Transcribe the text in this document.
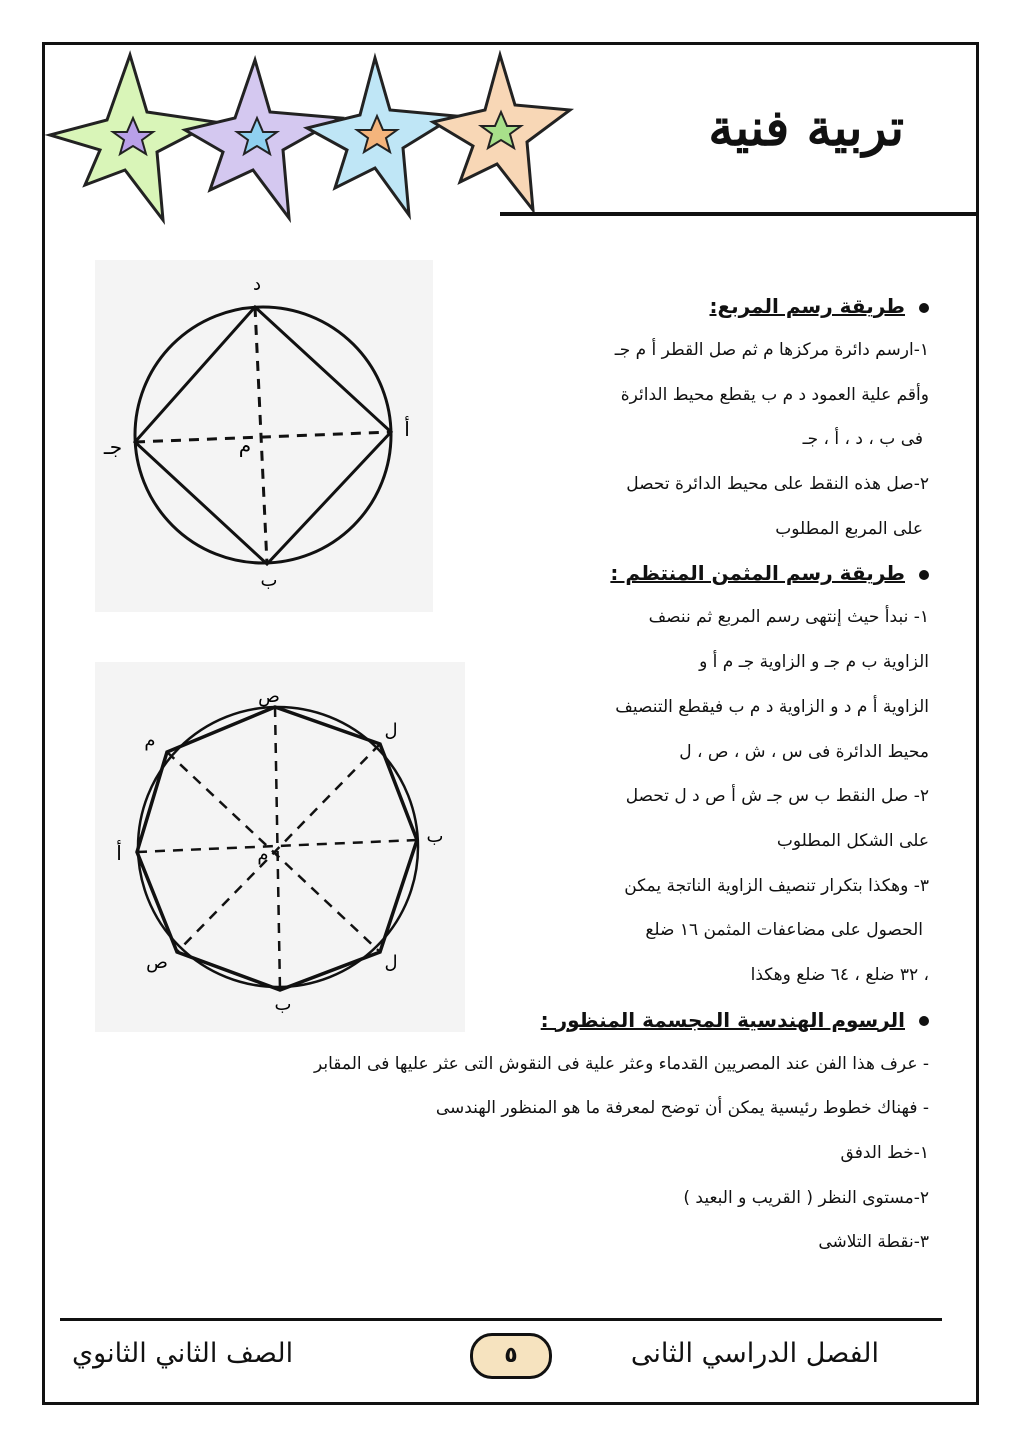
تربية فنية
د
أ
جـ
ب
م
ص
ل
ب
ل
ب
ص
أ
م
م

طريقة رسم المربع:

١-ارسم دائرة مركزها م ثم صل القطر أ م جـ

وأقم علية العمود د م ب يقطع محيط الدائرة

فى ب ، د ، أ ، جـ

٢-صل هذه النقط على محيط الدائرة تحصل

على المربع المطلوب

طريقة رسم المثمن المنتظم :

١- نبدأ حيث إنتهى رسم المربع ثم ننصف

الزاوية ب م جـ و الزاوية جـ م أ و

الزاوية أ م د و الزاوية د م ب فيقطع التنصيف

محيط الدائرة فى س ، ش ، ص ، ل

٢- صل النقط ب س جـ ش أ ص د ل تحصل

على الشكل المطلوب

٣- وهكذا بتكرار تنصيف الزاوية الناتجة يمكن

الحصول على مضاعفات المثمن ١٦ ضلع

، ٣٢ ضلع ، ٦٤ ضلع وهكذا

الرسوم الهندسية المجسمة المنظور :

- عرف هذا الفن عند المصريين القدماء وعثر علية فى النقوش التى عثر عليها فى المقابر

- فهناك خطوط رئيسية يمكن أن توضح لمعرفة ما هو المنظور الهندسى

١-خط الدفق

٢-مستوى النظر ( القريب و البعيد )

٣-نقطة التلاشى

الفصل الدراسي الثانى
٥
الصف الثاني الثانوي
